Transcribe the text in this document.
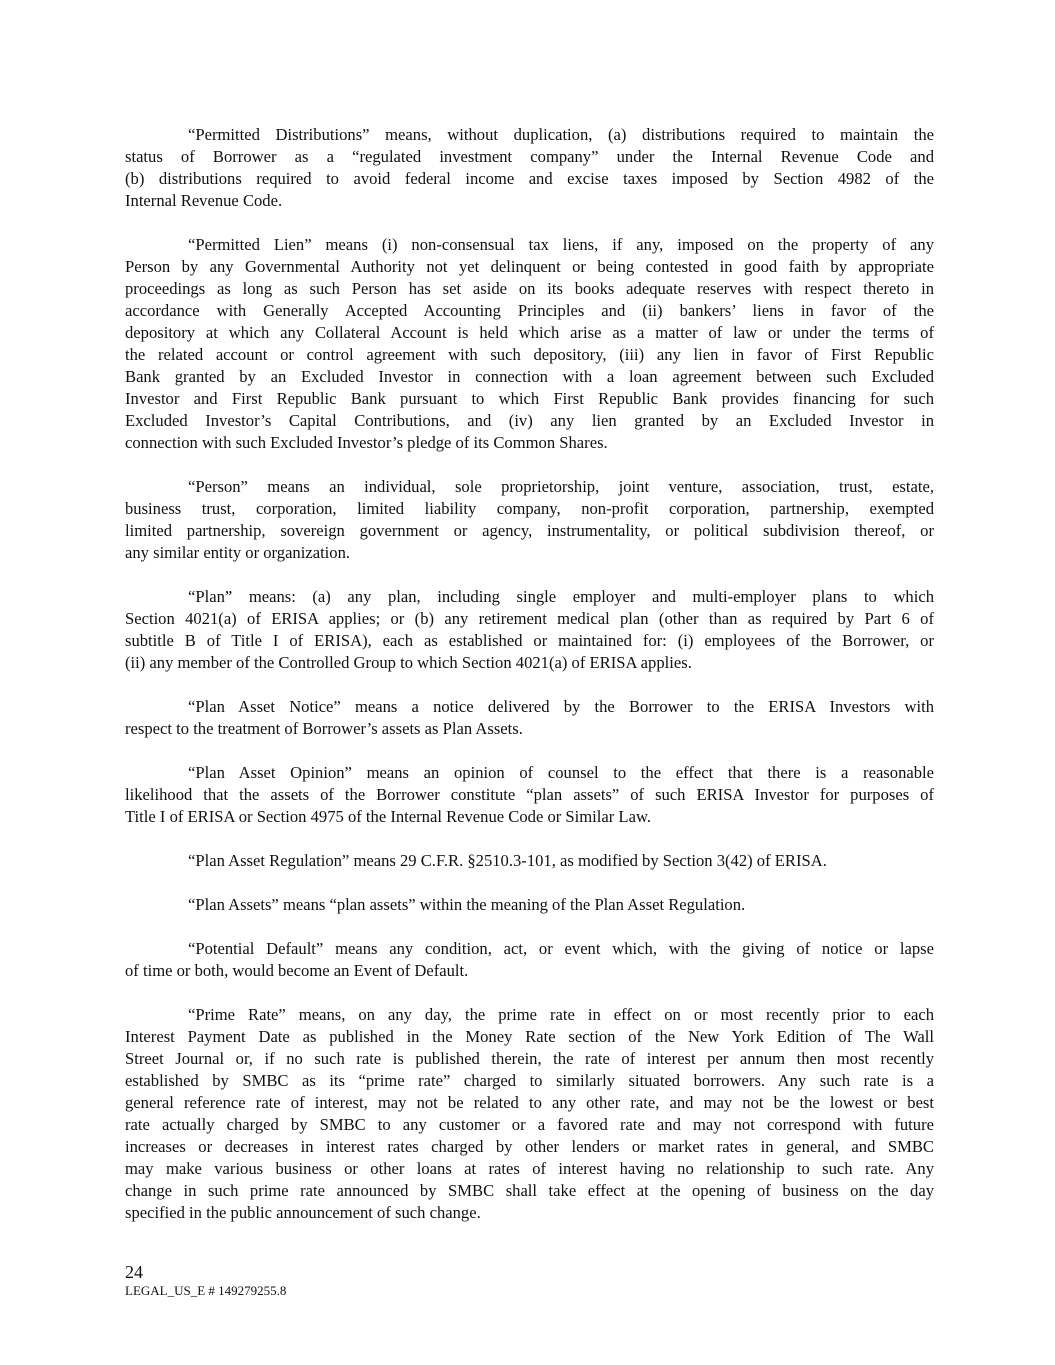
“Permitted Distributions” means, without duplication, (a) distributions required to maintain the
status of Borrower as a “regulated investment company” under the Internal Revenue Code and
(b) distributions required to avoid federal income and excise taxes imposed by Section 4982 of the
Internal Revenue Code.
“Permitted Lien” means (i) non-consensual tax liens, if any, imposed on the property of any
Person by any Governmental Authority not yet delinquent or being contested in good faith by appropriate
proceedings as long as such Person has set aside on its books adequate reserves with respect thereto in
accordance with Generally Accepted Accounting Principles and (ii) bankers’ liens in favor of the
depository at which any Collateral Account is held which arise as a matter of law or under the terms of
the related account or control agreement with such depository, (iii) any lien in favor of First Republic
Bank granted by an Excluded Investor in connection with a loan agreement between such Excluded
Investor and First Republic Bank pursuant to which First Republic Bank provides financing for such
Excluded Investor’s Capital Contributions, and (iv) any lien granted by an Excluded Investor in
connection with such Excluded Investor’s pledge of its Common Shares.
“Person” means an individual, sole proprietorship, joint venture, association, trust, estate,
business trust, corporation, limited liability company, non-profit corporation, partnership, exempted
limited partnership, sovereign government or agency, instrumentality, or political subdivision thereof, or
any similar entity or organization.
“Plan” means: (a) any plan, including single employer and multi-employer plans to which
Section 4021(a) of ERISA applies; or (b) any retirement medical plan (other than as required by Part 6 of
subtitle B of Title I of ERISA), each as established or maintained for: (i) employees of the Borrower, or
(ii) any member of the Controlled Group to which Section 4021(a) of ERISA applies.
“Plan Asset Notice” means a notice delivered by the Borrower to the ERISA Investors with
respect to the treatment of Borrower’s assets as Plan Assets.
“Plan Asset Opinion” means an opinion of counsel to the effect that there is a reasonable
likelihood that the assets of the Borrower constitute “plan assets” of such ERISA Investor for purposes of
Title I of ERISA or Section 4975 of the Internal Revenue Code or Similar Law.
“Plan Asset Regulation” means 29 C.F.R. §2510.3-101, as modified by Section 3(42) of ERISA.
“Plan Assets” means “plan assets” within the meaning of the Plan Asset Regulation.
“Potential Default” means any condition, act, or event which, with the giving of notice or lapse
of time or both, would become an Event of Default.
“Prime Rate” means, on any day, the prime rate in effect on or most recently prior to each
Interest Payment Date as published in the Money Rate section of the New York Edition of The Wall
Street Journal or, if no such rate is published therein, the rate of interest per annum then most recently
established by SMBC as its “prime rate” charged to similarly situated borrowers. Any such rate is a
general reference rate of interest, may not be related to any other rate, and may not be the lowest or best
rate actually charged by SMBC to any customer or a favored rate and may not correspond with future
increases or decreases in interest rates charged by other lenders or market rates in general, and SMBC
may make various business or other loans at rates of interest having no relationship to such rate. Any
change in such prime rate announced by SMBC shall take effect at the opening of business on the day
specified in the public announcement of such change.
24
LEGAL_US_E # 149279255.8
